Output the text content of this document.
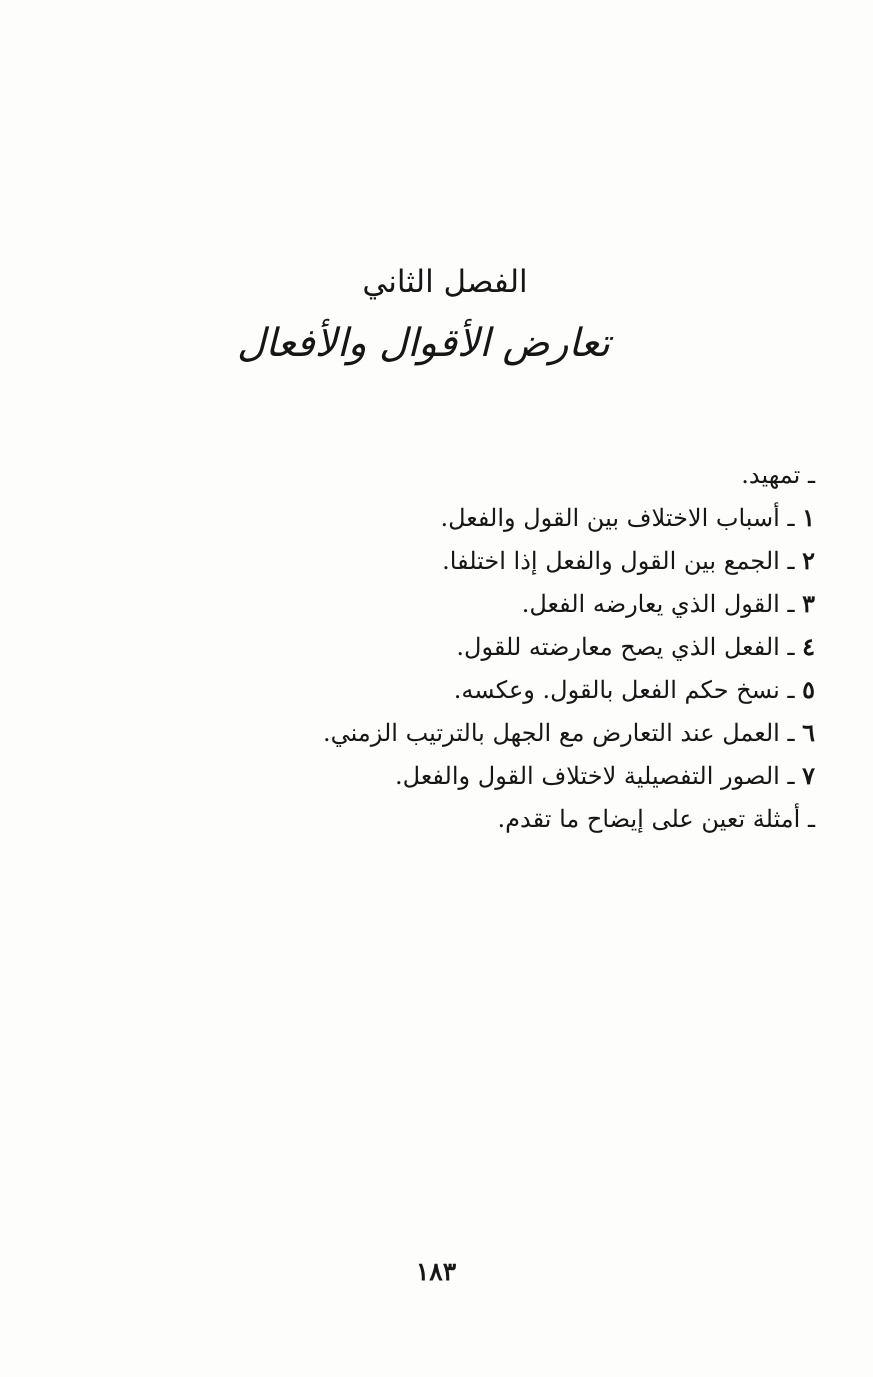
الفصل الثاني
تعارض الأقوال والأفعال
ـ تمهيد.
١ ـ أسباب الاختلاف بين القول والفعل.
٢ ـ الجمع بين القول والفعل إذا اختلفا.
٣ ـ القول الذي يعارضه الفعل.
٤ ـ الفعل الذي يصح معارضته للقول.
٥ ـ نسخ حكم الفعل بالقول. وعكسه.
٦ ـ العمل عند التعارض مع الجهل بالترتيب الزمني.
٧ ـ الصور التفصيلية لاختلاف القول والفعل.
ـ أمثلة تعين على إيضاح ما تقدم.
١٨٣
